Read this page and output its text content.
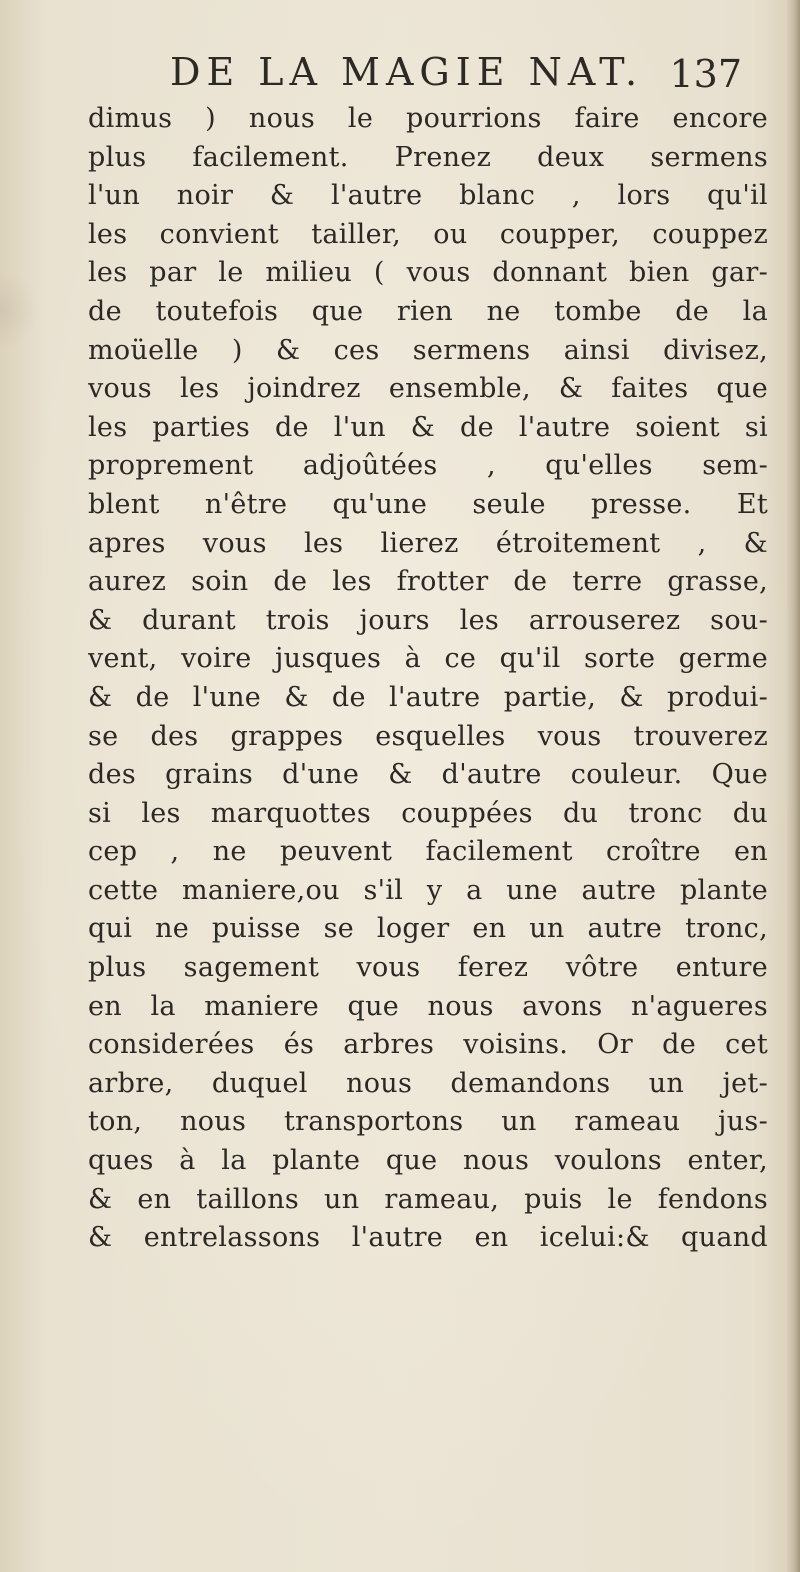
DE LA MAGIE NAT. 137
dimus ) nous le pourrions faire encore
plus facilement. Prenez deux sermens
l'un noir & l'autre blanc , lors qu'il
les convient tailler, ou coupper, couppez
les par le milieu ( vous donnant bien gar-
de toutefois que rien ne tombe de la
moüelle ) & ces sermens ainsi divisez,
vous les joindrez ensemble, & faites que
les parties de l'un & de l'autre soient si
proprement adjoûtées , qu'elles sem-
blent n'être qu'une seule presse. Et
apres vous les lierez étroitement , &
aurez soin de les frotter de terre grasse,
& durant trois jours les arrouserez sou-
vent, voire jusques à ce qu'il sorte germe
& de l'une & de l'autre partie, & produi-
se des grappes esquelles vous trouverez
des grains d'une & d'autre couleur. Que
si les marquottes couppées du tronc du
cep , ne peuvent facilement croître en
cette maniere,ou s'il y a une autre plante
qui ne puisse se loger en un autre tronc,
plus sagement vous ferez vôtre enture
en la maniere que nous avons n'agueres
considerées és arbres voisins. Or de cet
arbre, duquel nous demandons un jet-
ton, nous transportons un rameau jus-
ques à la plante que nous voulons enter,
& en taillons un rameau, puis le fendons
& entrelassons l'autre en icelui:& quand
